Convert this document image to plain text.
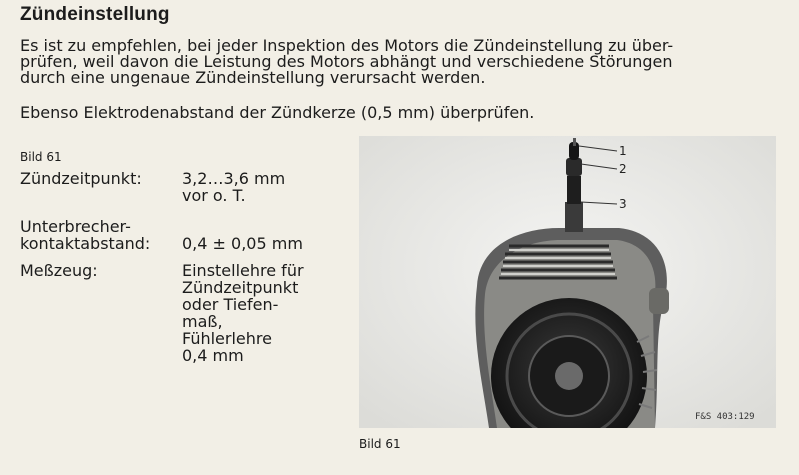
Zündeinstellung
Es ist zu empfehlen, bei jeder Inspektion des Motors die Zündeinstellung zu über-
prüfen, weil davon die Leistung des Motors abhängt und verschiedene Störungen
durch eine ungenaue Zündeinstellung verursacht werden.
Ebenso Elektrodenabstand der Zündkerze (0,5 mm) überprüfen.
Bild 61
Zündzeitpunkt:	3,2…3,6 mm
vor o. T.
Unterbrecher-
kontaktabstand: 0,4 ± 0,05 mm
Meßzeug:	Einstellehre für
Zündzeitpunkt
oder Tiefen-
maß,
Fühlerlehre
0,4 mm
1
2
3
F&S 403:129
Bild 61
